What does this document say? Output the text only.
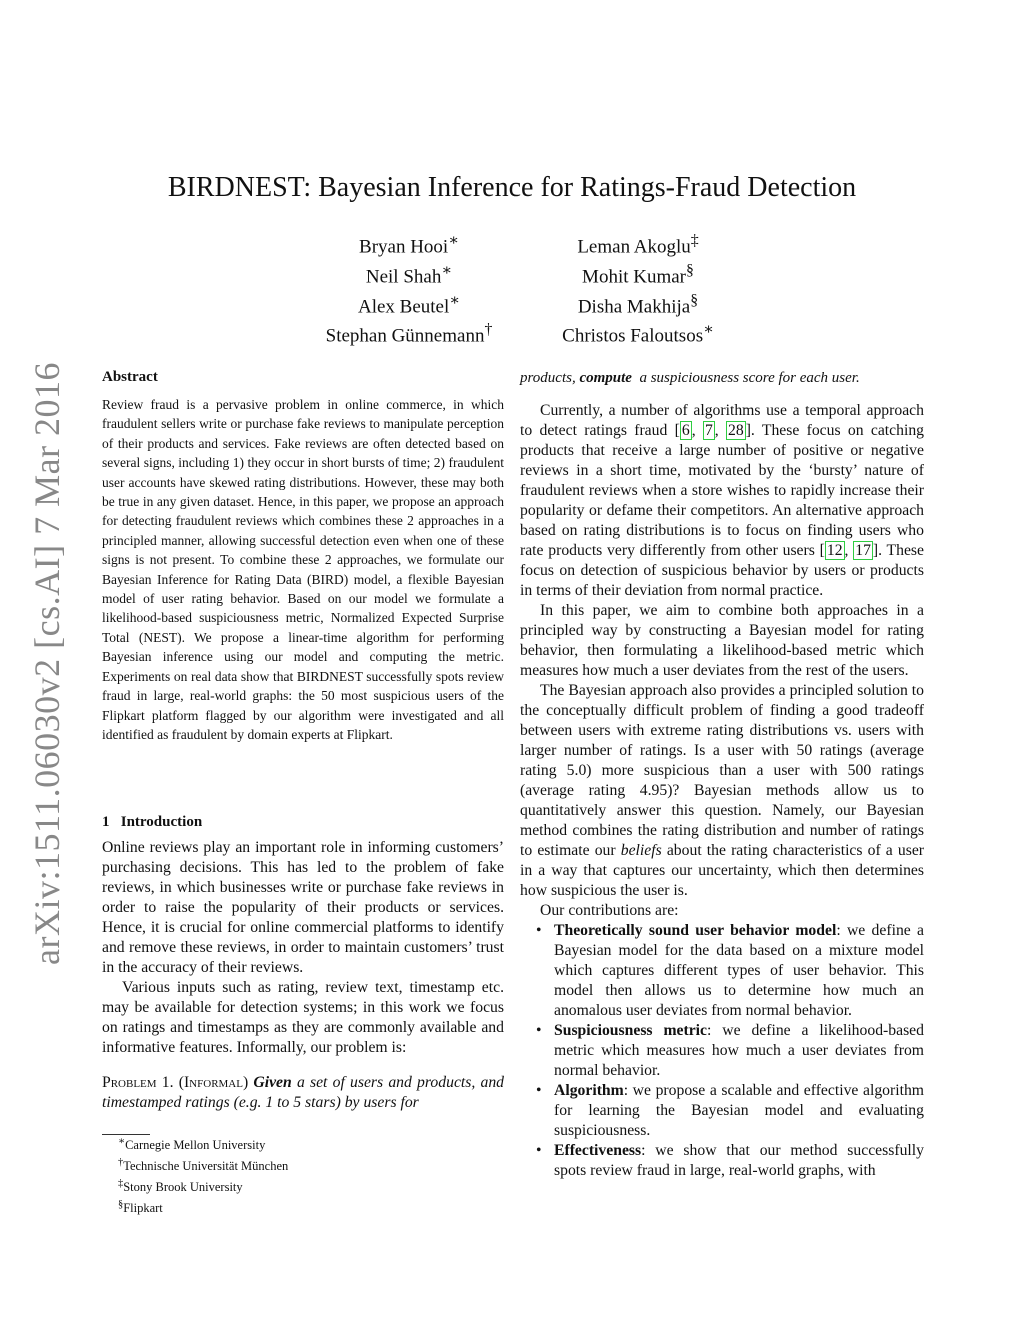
arXiv:1511.06030v2 [cs.AI] 7 Mar 2016
BIRDNEST: Bayesian Inference for Ratings-Fraud Detection
Bryan Hooi∗
Neil Shah∗
Alex Beutel∗
Stephan Günnemann†
Leman Akoglu‡
Mohit Kumar§
Disha Makhija§
Christos Faloutsos∗
Abstract

Review fraud is a pervasive problem in online commerce, in which fraudulent sellers write or purchase fake reviews to manipulate perception of their products and services. Fake reviews are often detected based on several signs, including 1) they occur in short bursts of time; 2) fraudulent user accounts have skewed rating distributions. However, these may both be true in any given dataset. Hence, in this paper, we propose an approach for detecting fraudulent reviews which combines these 2 approaches in a principled manner, allowing successful detection even when one of these signs is not present. To combine these 2 approaches, we formulate our Bayesian Inference for Rating Data (BIRD) model, a flexible Bayesian model of user rating behavior. Based on our model we formulate a likelihood-based suspiciousness metric, Normalized Expected Surprise Total (NEST). We propose a linear-time algorithm for performing Bayesian inference using our model and computing the metric. Experiments on real data show that BIRDNEST successfully spots review fraud in large, real-world graphs: the 50 most suspicious users of the Flipkart platform flagged by our algorithm were investigated and all identified as fraudulent by domain experts at Flipkart.

1 Introduction

Online reviews play an important role in informing customers’ purchasing decisions. This has led to the problem of fake reviews, in which businesses write or purchase fake reviews in order to raise the popularity of their products or services. Hence, it is crucial for online commercial platforms to identify and remove these reviews, in order to maintain customers’ trust in the accuracy of their reviews.

Various inputs such as rating, review text, timestamp etc. may be available for detection systems; in this work we focus on ratings and timestamps as they are commonly available and informative features. Informally, our problem is:

Problem 1. (Informal) Given a set of users and products, and timestamped ratings (e.g. 1 to 5 stars) by users for

∗Carnegie Mellon University
†Technische Universität München
‡Stony Brook University
§Flipkart

products, compute a suspiciousness score for each user.

Currently, a number of algorithms use a temporal approach to detect ratings fraud [ 6 , 7 , 28 ]. These focus on catching products that receive a large number of positive or negative reviews in a short time, motivated by the ‘bursty’ nature of fraudulent reviews when a store wishes to rapidly increase their popularity or defame their competitors. An alternative approach based on rating distributions is to focus on finding users who rate products very differently from other users [ 12 , 17 ]. These focus on detection of suspicious behavior by users or products in terms of their deviation from normal practice.

In this paper, we aim to combine both approaches in a principled way by constructing a Bayesian model for rating behavior, then formulating a likelihood-based metric which measures how much a user deviates from the rest of the users.

The Bayesian approach also provides a principled solution to the conceptually difficult problem of finding a good tradeoff between users with extreme rating distributions vs. users with larger number of ratings. Is a user with 50 ratings (average rating 5.0) more suspicious than a user with 500 ratings (average rating 4.95)? Bayesian methods allow us to quantitatively answer this question. Namely, our Bayesian method combines the rating distribution and number of ratings to estimate our beliefs about the rating characteristics of a user in a way that captures our uncertainty, which then determines how suspicious the user is.

Our contributions are:

• Theoretically sound user behavior model: we define a Bayesian model for the data based on a mixture model which captures different types of user behavior. This model then allows us to determine how much an anomalous user deviates from normal behavior.
• Suspiciousness metric: we define a likelihood-based metric which measures how much a user deviates from normal behavior.
• Algorithm: we propose a scalable and effective algorithm for learning the Bayesian model and evaluating suspiciousness.
• Effectiveness: we show that our method successfully spots review fraud in large, real-world graphs, with
